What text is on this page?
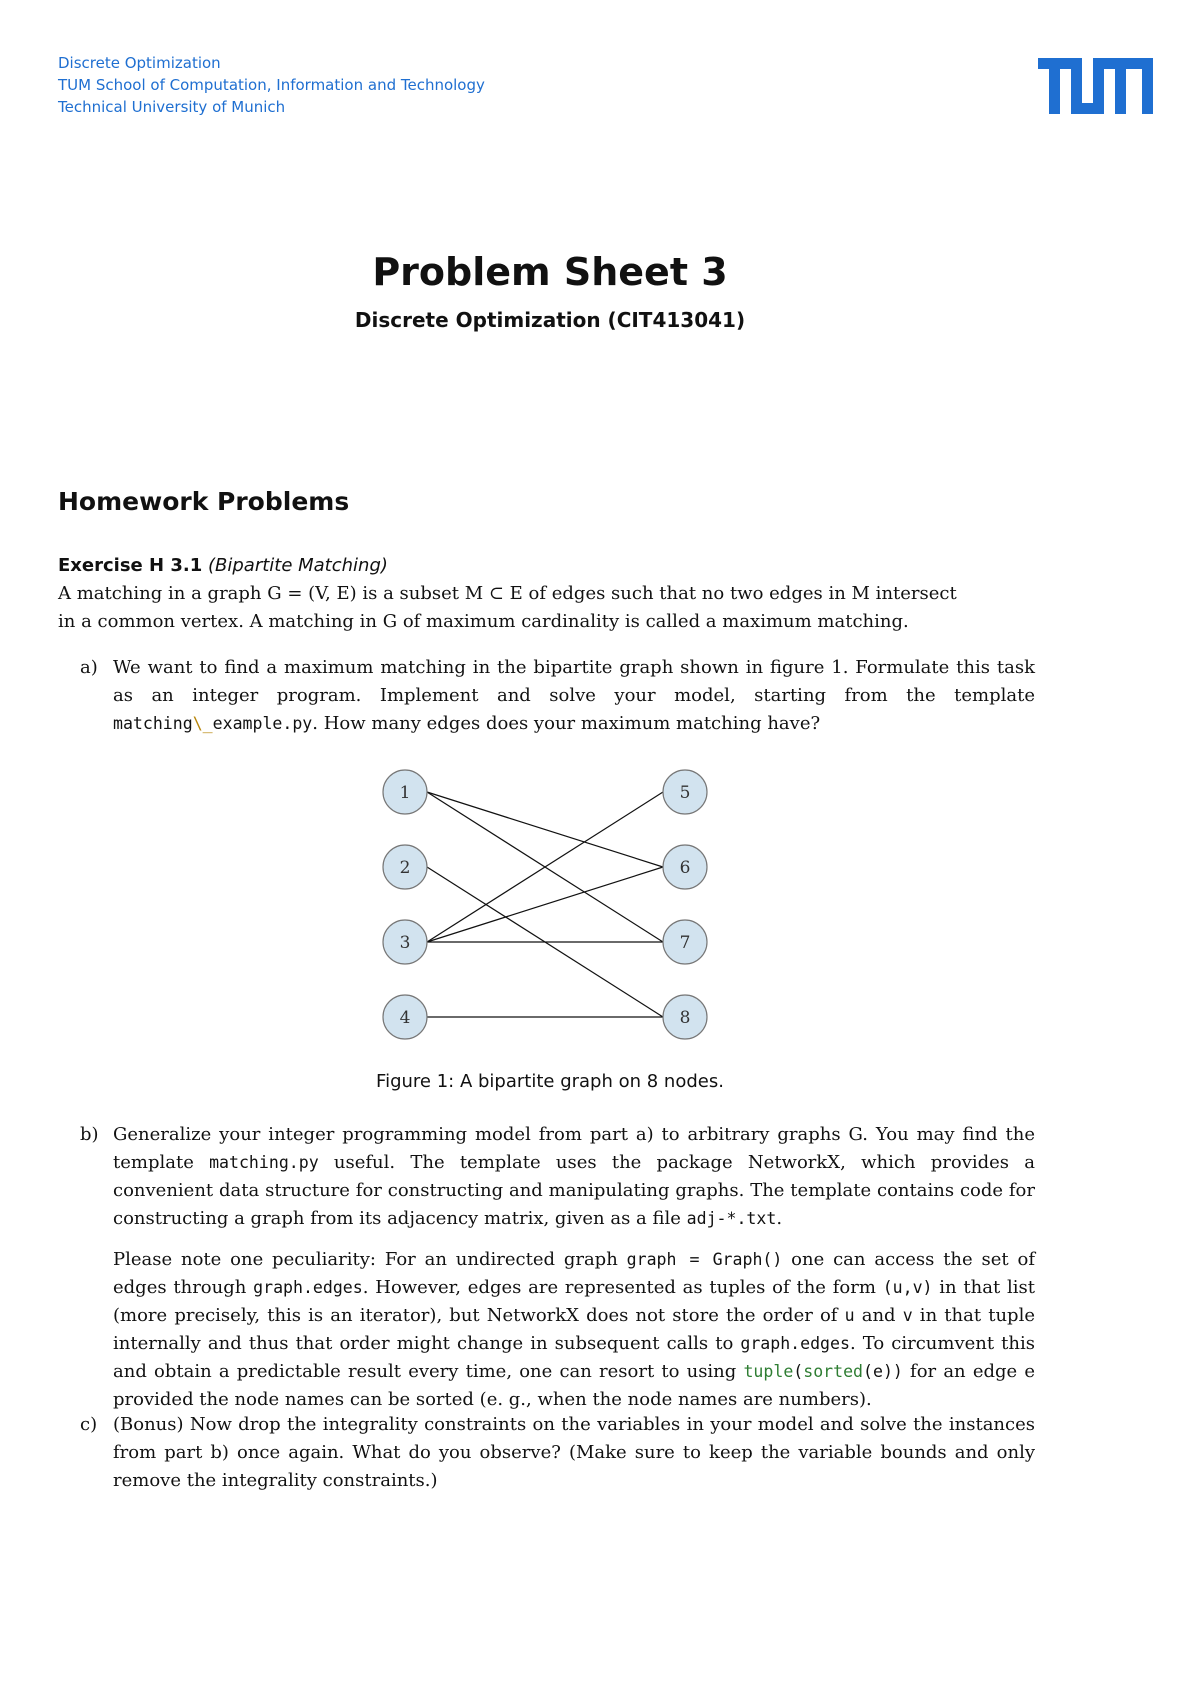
Discrete Optimization
TUM School of Computation, Information and Technology
Technical University of Munich
Problem Sheet 3
Discrete Optimization (CIT413041)
Homework Problems
Exercise H 3.1 (Bipartite Matching)
A matching in a graph G = (V, E) is a subset M ⊂ E of edges such that no two edges in M intersect
in a common vertex. A matching in G of maximum cardinality is called a maximum matching.
a) We want to find a maximum matching in the bipartite graph shown in figure 1. Formulate this task as an integer program. Implement and solve your model, starting from the template matching\_example.py. How many edges does your maximum matching have?
1
2
3
4
5
6
7
8
Figure 1: A bipartite graph on 8 nodes.
b) Generalize your integer programming model from part a) to arbitrary graphs G. You may find the template matching.py useful. The template uses the package NetworkX, which provides a convenient data structure for constructing and manipulating graphs. The template contains code for constructing a graph from its adjacency matrix, given as a file adj-*.txt.
Please note one peculiarity: For an undirected graph graph = Graph() one can access the set of edges through graph.edges. However, edges are represented as tuples of the form (u,v) in that list (more precisely, this is an iterator), but NetworkX does not store the order of u and v in that tuple internally and thus that order might change in subsequent calls to graph.edges. To circumvent this and obtain a predictable result every time, one can resort to using tuple(sorted(e)) for an edge e provided the node names can be sorted (e. g., when the node names are numbers).
c) (Bonus) Now drop the integrality constraints on the variables in your model and solve the instances from part b) once again. What do you observe? (Make sure to keep the variable bounds and only remove the integrality constraints.)
